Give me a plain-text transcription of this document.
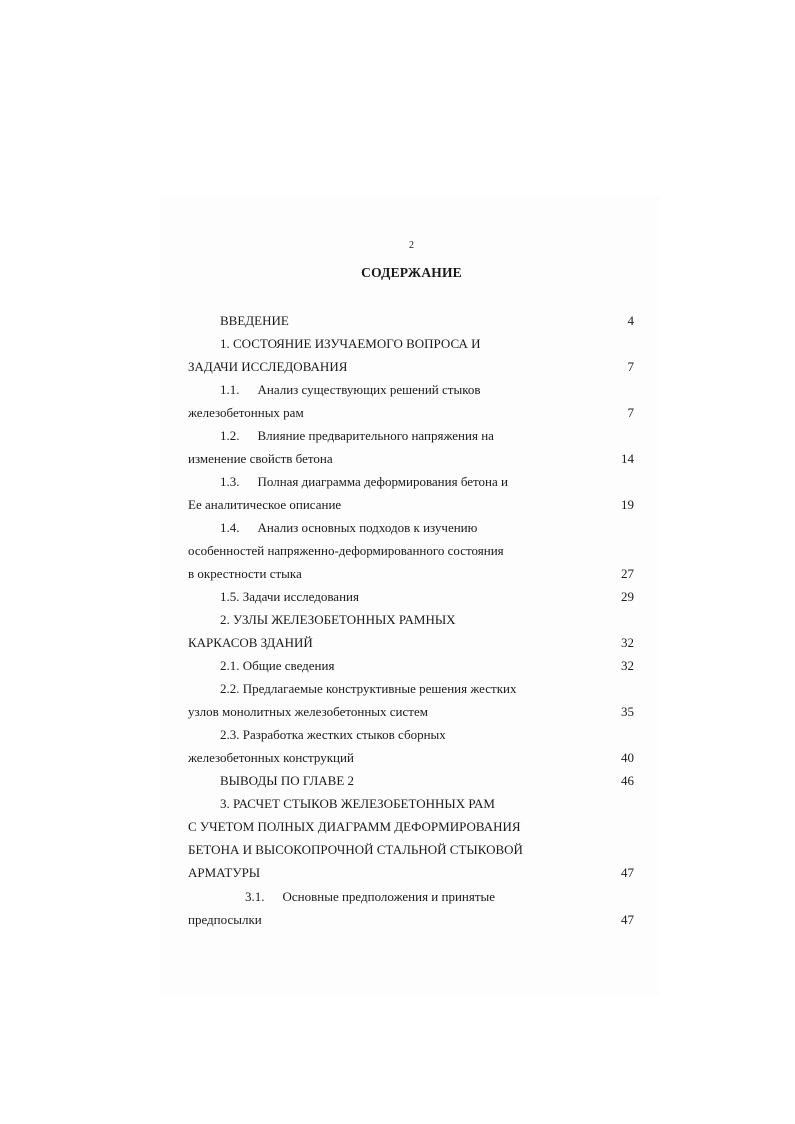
2
СОДЕРЖАНИЕ
ВВЕДЕНИЕ	4
1. СОСТОЯНИЕ ИЗУЧАЕМОГО ВОПРОСА И
ЗАДАЧИ ИССЛЕДОВАНИЯ	7
1.1. Анализ существующих решений стыков
железобетонных рам	7
1.2. Влияние предварительного напряжения на
изменение свойств бетона	14
1.3. Полная диаграмма деформирования бетона и
Ее аналитическое описание	19
1.4. Анализ основных подходов к изучению
особенностей напряженно-деформированного состояния
в окрестности стыка	27
1.5. Задачи исследования	29
2. УЗЛЫ ЖЕЛЕЗОБЕТОННЫХ РАМНЫХ
КАРКАСОВ ЗДАНИЙ	32
2.1. Общие сведения	32
2.2. Предлагаемые конструктивные решения жестких
узлов монолитных железобетонных систем	35
2.3. Разработка жестких стыков сборных
железобетонных конструкций	40
ВЫВОДЫ ПО ГЛАВЕ 2	46
3. РАСЧЕТ СТЫКОВ ЖЕЛЕЗОБЕТОННЫХ РАМ
С УЧЕТОМ ПОЛНЫХ ДИАГРАММ ДЕФОРМИРОВАНИЯ
БЕТОНА И ВЫСОКОПРОЧНОЙ СТАЛЬНОЙ СТЫКОВОЙ
АРМАТУРЫ	47
3.1. Основные предположения и принятые
предпосылки	47
